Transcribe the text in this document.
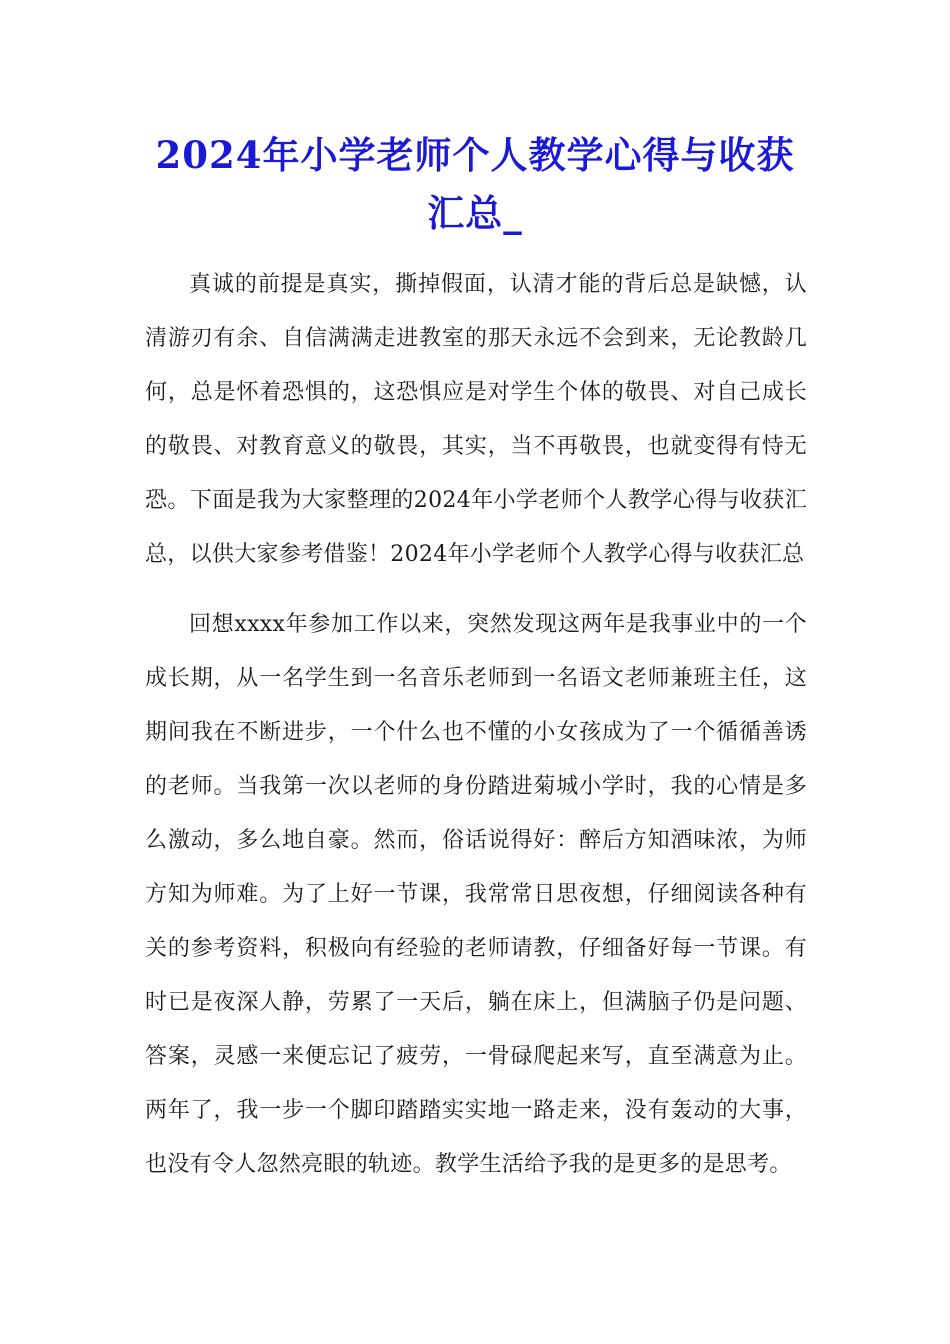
2024年小学老师个人教学心得与收获汇总_

真诚的前提是真实，撕掉假面，认清才能的背后总是缺憾，认清游刃有余、自信满满走进教室的那天永远不会到来，无论教龄几何，总是怀着恐惧的，这恐惧应是对学生个体的敬畏、对自己成长的敬畏、对教育意义的敬畏，其实，当不再敬畏，也就变得有恃无恐。下面是我为大家整理的2024年小学老师个人教学心得与收获汇总，以供大家参考借鉴！2024年小学老师个人教学心得与收获汇总

回想xxxx年参加工作以来，突然发现这两年是我事业中的一个成长期，从一名学生到一名音乐老师到一名语文老师兼班主任，这期间我在不断进步，一个什么也不懂的小女孩成为了一个循循善诱的老师。当我第一次以老师的身份踏进菊城小学时，我的心情是多么激动，多么地自豪。然而，俗话说得好：醉后方知酒味浓，为师方知为师难。为了上好一节课，我常常日思夜想，仔细阅读各种有关的参考资料，积极向有经验的老师请教，仔细备好每一节课。有时已是夜深人静，劳累了一天后，躺在床上，但满脑子仍是问题、答案，灵感一来便忘记了疲劳，一骨碌爬起来写，直至满意为止。两年了，我一步一个脚印踏踏实实地一路走来，没有轰动的大事，也没有令人忽然亮眼的轨迹。教学生活给予我的是更多的是思考。
